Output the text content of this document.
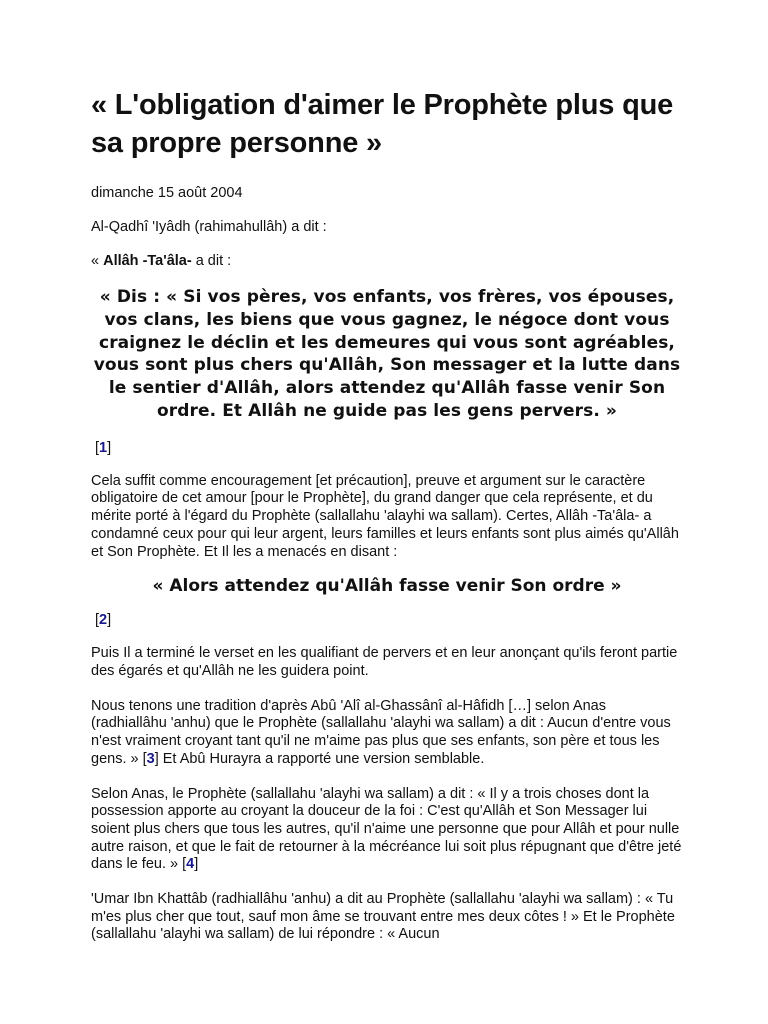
« L'obligation d'aimer le Prophète plus que sa propre personne »
dimanche 15 août 2004
Al-Qadhî 'Iyâdh (rahimahullâh) a dit :
« Allâh -Ta'âla- a dit :
« Dis : « Si vos pères, vos enfants, vos frères, vos épouses, vos clans, les biens que vous gagnez, le négoce dont vous craignez le déclin et les demeures qui vous sont agréables, vous sont plus chers qu'Allâh, Son messager et la lutte dans le sentier d'Allâh, alors attendez qu'Allâh fasse venir Son ordre. Et Allâh ne guide pas les gens pervers. »
[1]

Cela suffit comme encouragement [et précaution], preuve et argument sur le caractère obligatoire de cet amour [pour le Prophète], du grand danger que cela représente, et du mérite porté à l'égard du Prophète (sallallahu 'alayhi wa sallam). Certes, Allâh -Ta'âla- a condamné ceux pour qui leur argent, leurs familles et leurs enfants sont plus aimés qu'Allâh et Son Prophète. Et Il les a menacés en disant :

« Alors attendez qu'Allâh fasse venir Son ordre »
[2]

Puis Il a terminé le verset en les qualifiant de pervers et en leur anonçant qu'ils feront partie des égarés et qu'Allâh ne les guidera point.

Nous tenons une tradition d'après Abû 'Alî al-Ghassânî al-Hâfidh […] selon Anas (radhiallâhu 'anhu) que le Prophète (sallallahu 'alayhi wa sallam) a dit : Aucun d'entre vous n'est vraiment croyant tant qu'il ne m'aime pas plus que ses enfants, son père et tous les gens. » [3] Et Abû Hurayra a rapporté une version semblable.

Selon Anas, le Prophète (sallallahu 'alayhi wa sallam) a dit : « Il y a trois choses dont la possession apporte au croyant la douceur de la foi : C'est qu'Allâh et Son Messager lui soient plus chers que tous les autres, qu'il n'aime une personne que pour Allâh et pour nulle autre raison, et que le fait de retourner à la mécréance lui soit plus répugnant que d'être jeté dans le feu. » [4]

'Umar Ibn Khattâb (radhiallâhu 'anhu) a dit au Prophète (sallallahu 'alayhi wa sallam) : « Tu m'es plus cher que tout, sauf mon âme se trouvant entre mes deux côtes ! » Et le Prophète (sallallahu 'alayhi wa sallam) de lui répondre : « Aucun
